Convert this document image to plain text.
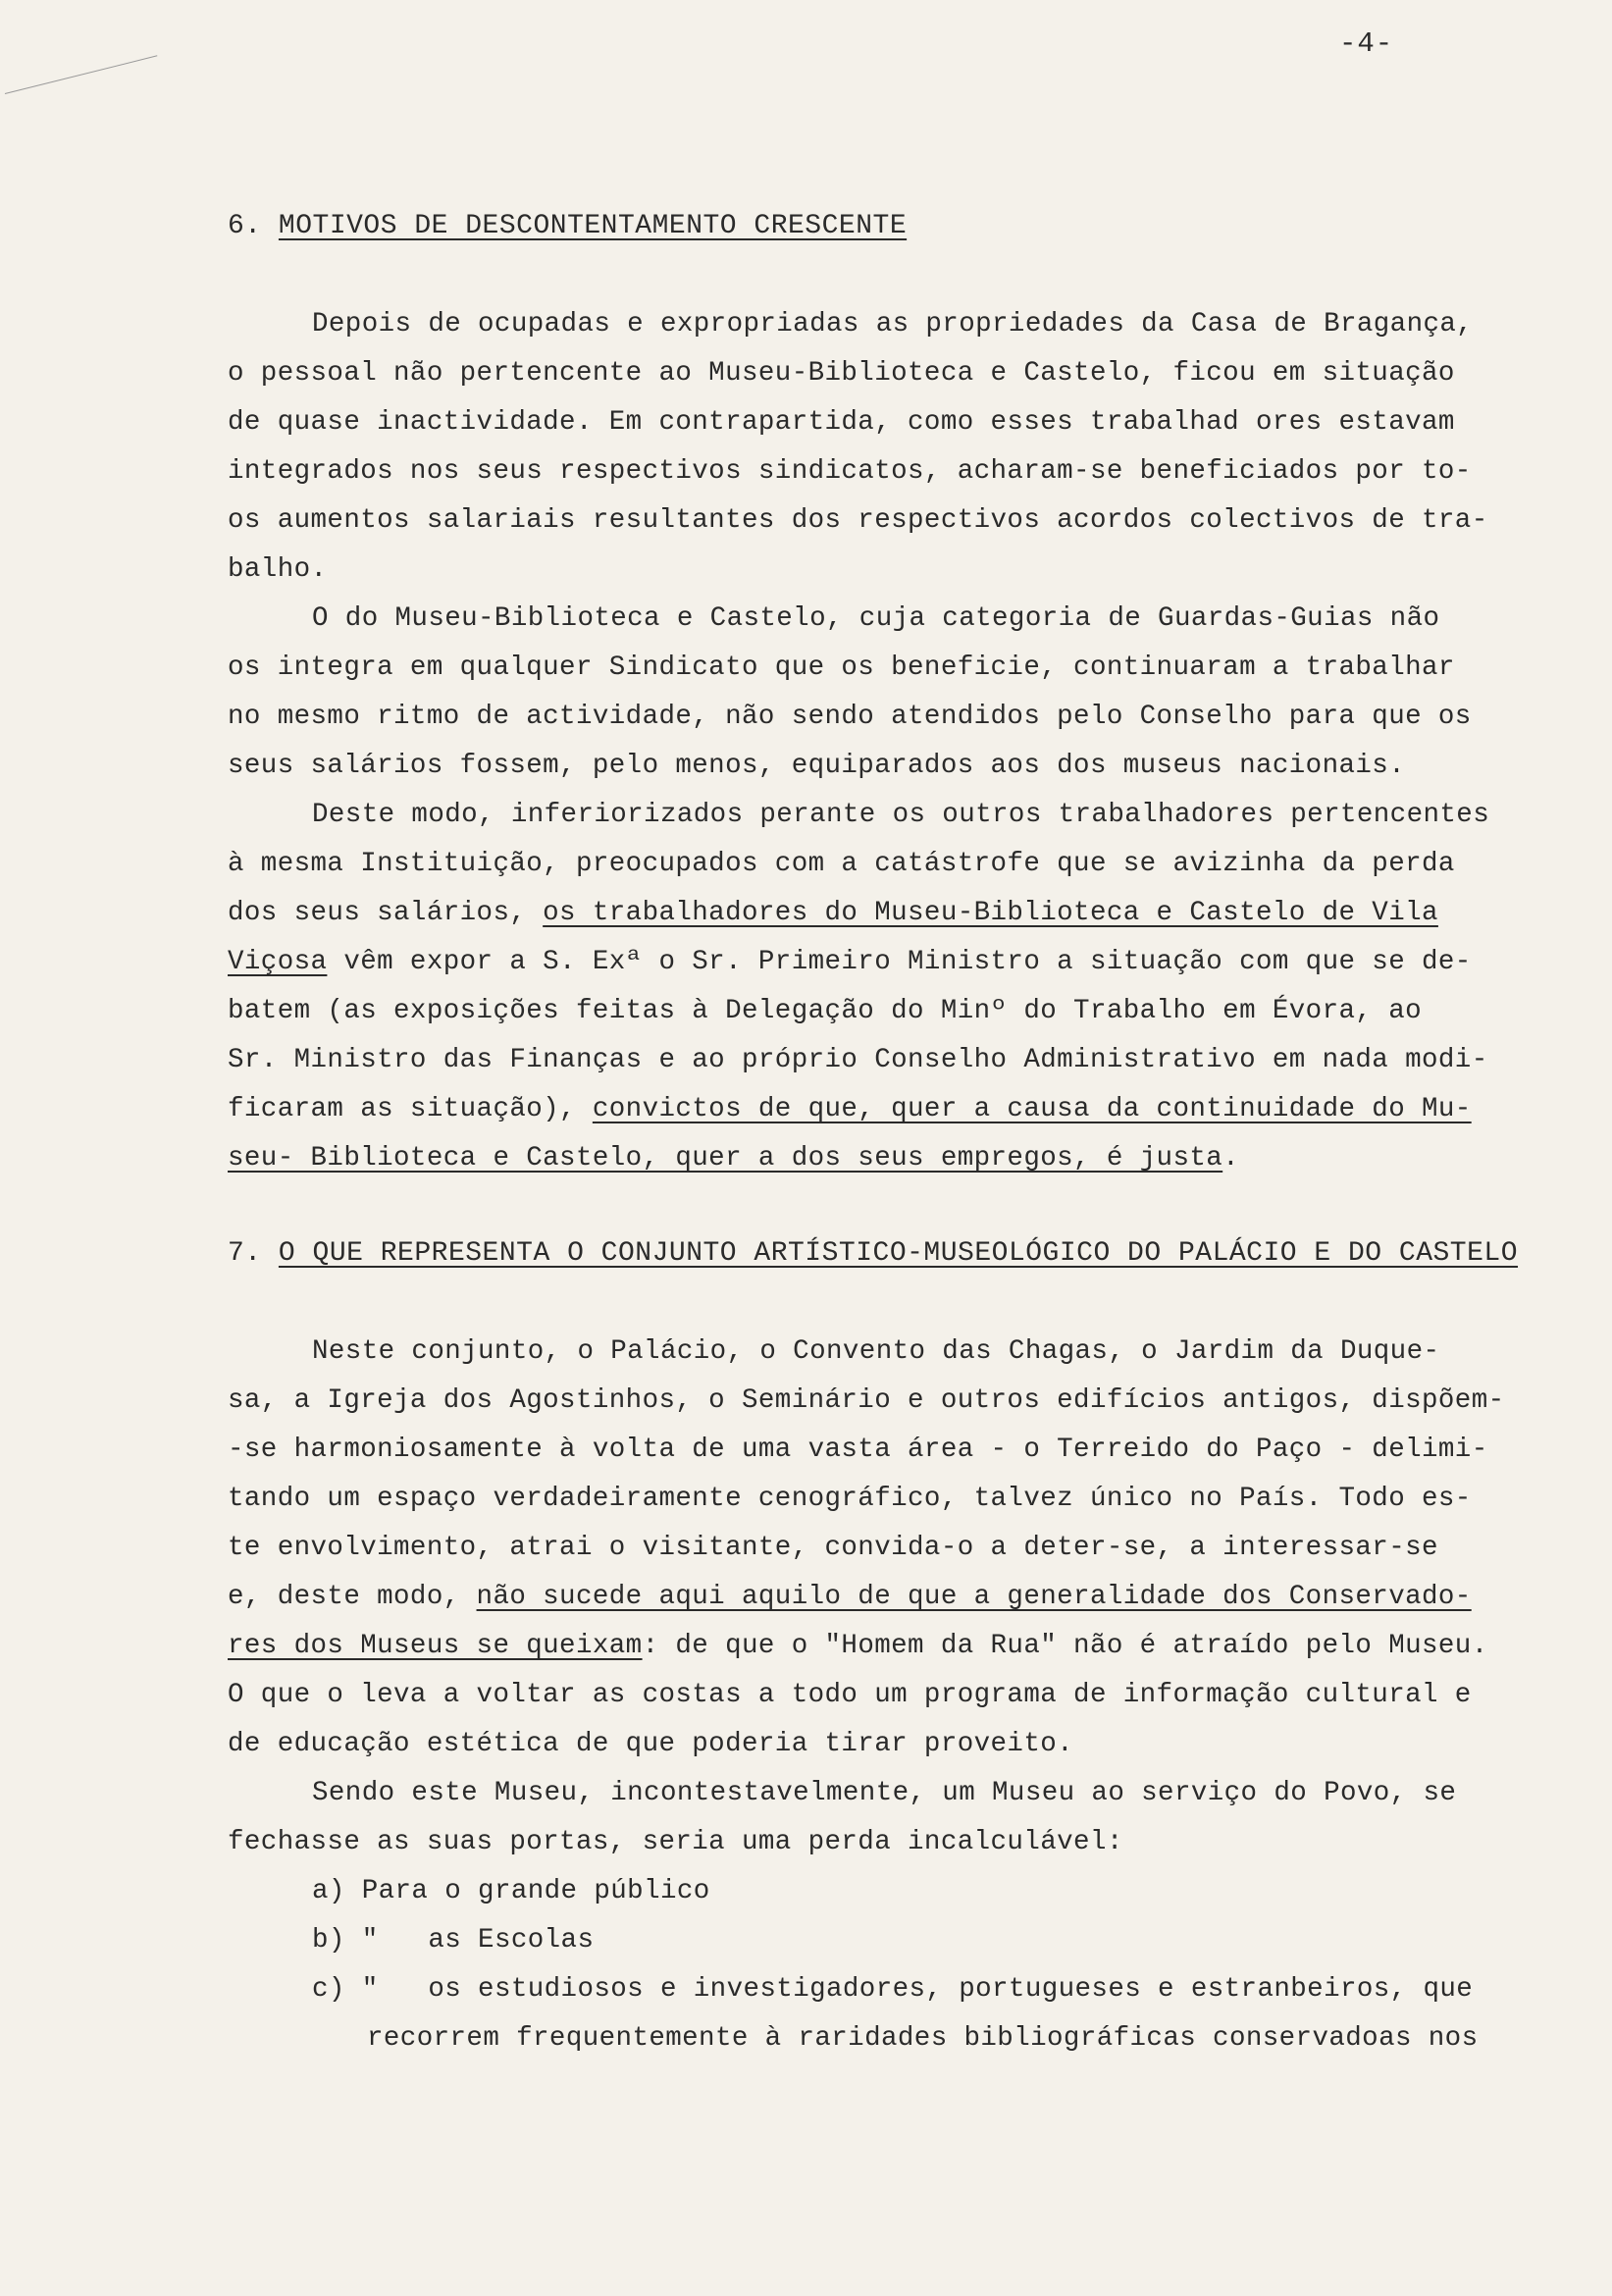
-4-
6. MOTIVOS DE DESCONTENTAMENTO CRESCENTE
Depois de ocupadas e expropriadas as propriedades da Casa de Bragança,
o pessoal não pertencente ao Museu-Biblioteca e Castelo, ficou em situação
de quase inactividade. Em contrapartida, como esses trabalhad ores estavam
integrados nos seus respectivos sindicatos, acharam-se beneficiados por to-
os aumentos salariais resultantes dos respectivos acordos colectivos de tra-
balho.
O do Museu-Biblioteca e Castelo, cuja categoria de Guardas-Guias não
os integra em qualquer Sindicato que os beneficie, continuaram a trabalhar
no mesmo ritmo de actividade, não sendo atendidos pelo Conselho para que os
seus salários fossem, pelo menos, equiparados aos dos museus nacionais.
Deste modo, inferiorizados perante os outros trabalhadores pertencentes
à mesma Instituição, preocupados com a catástrofe que se avizinha da perda
dos seus salários, os trabalhadores do Museu-Biblioteca e Castelo de Vila
Viçosa vêm expor a S. Exª o Sr. Primeiro Ministro a situação com que se de-
batem (as exposições feitas à Delegação do Minº do Trabalho em Évora, ao
Sr. Ministro das Finanças e ao próprio Conselho Administrativo em nada modi-
ficaram as situação), convictos de que, quer a causa da continuidade do Mu-
seu- Biblioteca e Castelo, quer a dos seus empregos, é justa.
7. O QUE REPRESENTA O CONJUNTO ARTÍSTICO-MUSEOLÓGICO DO PALÁCIO E DO CASTELO
Neste conjunto, o Palácio, o Convento das Chagas, o Jardim da Duque-
sa, a Igreja dos Agostinhos, o Seminário e outros edifícios antigos, dispõem-
-se harmoniosamente à volta de uma vasta área - o Terreido do Paço - delimi-
tando um espaço verdadeiramente cenográfico, talvez único no País. Todo es-
te envolvimento, atrai o visitante, convida-o a deter-se, a interessar-se
e, deste modo, não sucede aqui aquilo de que a generalidade dos Conservado-
res dos Museus se queixam: de que o "Homem da Rua" não é atraído pelo Museu.
O que o leva a voltar as costas a todo um programa de informação cultural e
de educação estética de que poderia tirar proveito.
Sendo este Museu, incontestavelmente, um Museu ao serviço do Povo, se
fechasse as suas portas, seria uma perda incalculável:
a) Para o grande público
b) "   as Escolas
c) "   os estudiosos e investigadores, portugueses e estranbeiros, que
recorrem frequentemente à raridades bibliográficas conservadoas nos
